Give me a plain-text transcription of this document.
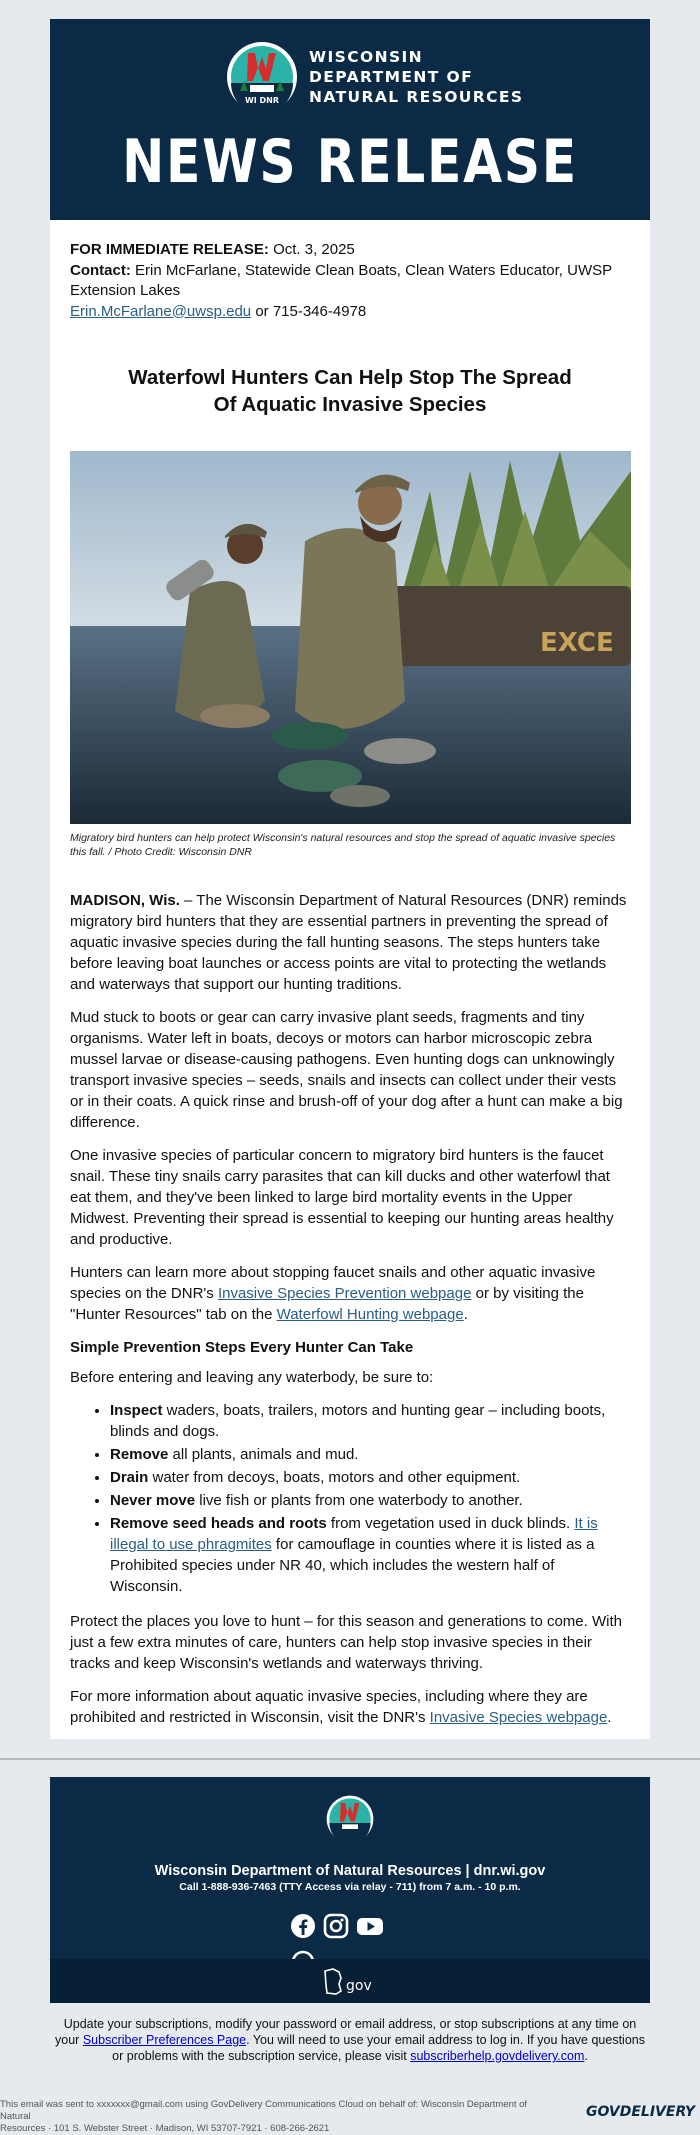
WI DNR
WISCONSIN
DEPARTMENT OF
NATURAL RESOURCES
NEWS RELEASE
FOR IMMEDIATE RELEASE: Oct. 3, 2025
Contact: Erin McFarlane, Statewide Clean Boats, Clean Waters Educator, UWSP Extension Lakes
Erin.McFarlane@uwsp.edu or 715-346-4978
Waterfowl Hunters Can Help Stop The Spread
Of Aquatic Invasive Species
EXCE
Migratory bird hunters can help protect Wisconsin's natural resources and stop the spread of aquatic invasive species this fall. / Photo Credit: Wisconsin DNR

MADISON, Wis. – The Wisconsin Department of Natural Resources (DNR) reminds migratory bird hunters that they are essential partners in preventing the spread of aquatic invasive species during the fall hunting seasons. The steps hunters take before leaving boat launches or access points are vital to protecting the wetlands and waterways that support our hunting traditions.

Mud stuck to boots or gear can carry invasive plant seeds, fragments and tiny organisms. Water left in boats, decoys or motors can harbor microscopic zebra mussel larvae or disease-causing pathogens. Even hunting dogs can unknowingly transport invasive species – seeds, snails and insects can collect under their vests or in their coats. A quick rinse and brush-off of your dog after a hunt can make a big difference.

One invasive species of particular concern to migratory bird hunters is the faucet snail. These tiny snails carry parasites that can kill ducks and other waterfowl that eat them, and they've been linked to large bird mortality events in the Upper Midwest. Preventing their spread is essential to keeping our hunting areas healthy and productive.

Hunters can learn more about stopping faucet snails and other aquatic invasive species on the DNR's Invasive Species Prevention webpage or by visiting the "Hunter Resources" tab on the Waterfowl Hunting webpage.

Simple Prevention Steps Every Hunter Can Take

Before entering and leaving any waterbody, be sure to:

• Inspect waders, boats, trailers, motors and hunting gear – including boots, blinds and dogs.
• Remove all plants, animals and mud.
• Drain water from decoys, boats, motors and other equipment.
• Never move live fish or plants from one waterbody to another.
• Remove seed heads and roots from vegetation used in duck blinds. It is illegal to use phragmites for camouflage in counties where it is listed as a Prohibited species under NR 40, which includes the western half of Wisconsin.

Protect the places you love to hunt – for this season and generations to come. With just a few extra minutes of care, hunters can help stop invasive species in their tracks and keep Wisconsin's wetlands and waterways thriving.

For more information about aquatic invasive species, including where they are prohibited and restricted in Wisconsin, visit the DNR's Invasive Species webpage.

Wisconsin Department of Natural Resources | dnr.wi.gov
Call 1-888-936-7463 (TTY Access via relay - 711) from 7 a.m. - 10 p.m.

gov
Update your subscriptions, modify your password or email address, or stop subscriptions at any time on your Subscriber Preferences Page. You will need to use your email address to log in. If you have questions or problems with the subscription service, please visit subscriberhelp.govdelivery.com.
This email was sent to xxxxxxx@gmail.com using GovDelivery Communications Cloud on behalf of: Wisconsin Department of Natural
Resources · 101 S. Webster Street · Madison, WI 53707-7921 · 608-266-2621
GOVDELIVERY
